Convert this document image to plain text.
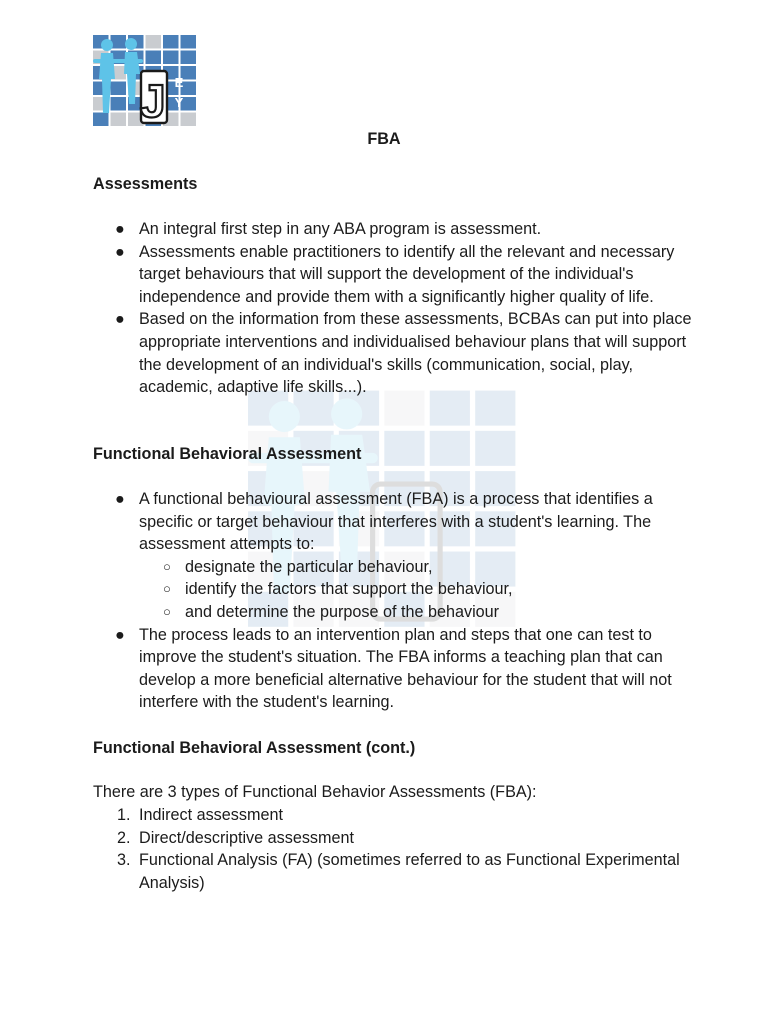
J E
Y
FBA
Assessments
● An integral first step in any ABA program is assessment.
● Assessments enable practitioners to identify all the relevant and necessary target behaviours that will support the development of the individual's independence and provide them with a significantly higher quality of life.
● Based on the information from these assessments, BCBAs can put into place appropriate interventions and individualised behaviour plans that will support the development of an individual's skills (communication, social, play, academic, adaptive life skills...).
Functional Behavioral Assessment
● A functional behavioural assessment (FBA) is a process that identifies a specific or target behaviour that interferes with a student's learning. The assessment attempts to:
○ designate the particular behaviour,
○ identify the factors that support the behaviour,
○ and determine the purpose of the behaviour
● The process leads to an intervention plan and steps that one can test to improve the student's situation. The FBA informs a teaching plan that can develop a more beneficial alternative behaviour for the student that will not interfere with the student's learning.
Functional Behavioral Assessment (cont.)
There are 3 types of Functional Behavior Assessments (FBA):
1. Indirect assessment
2. Direct/descriptive assessment
3. Functional Analysis (FA) (sometimes referred to as Functional Experimental Analysis)
